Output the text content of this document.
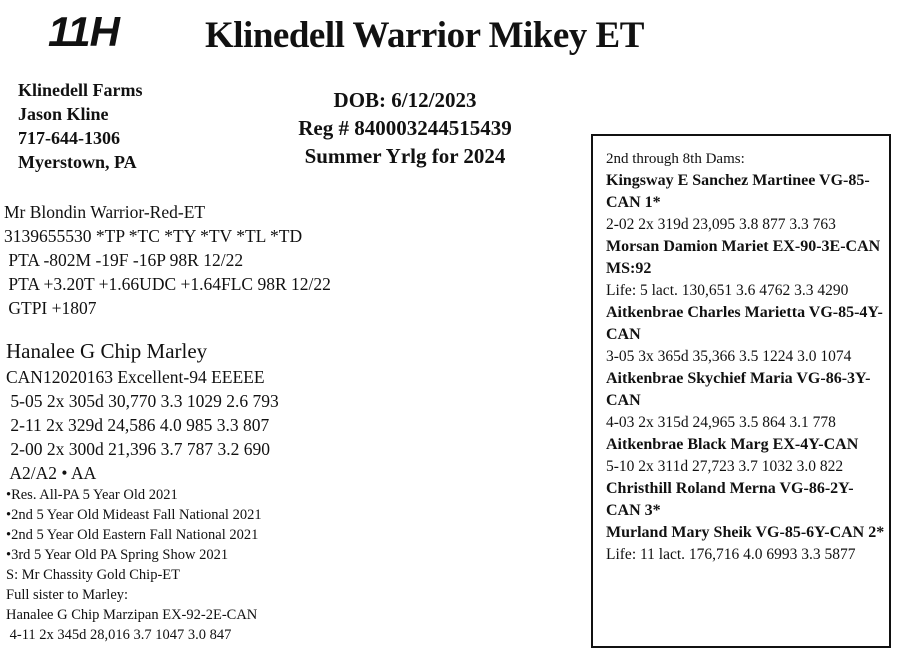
11H Klinedell Warrior Mikey ET
Klinedell Farms
Jason Kline
717-644-1306
Myerstown, PA
DOB: 6/12/2023
Reg # 840003244515439
Summer Yrlg for 2024
Mr Blondin Warrior-Red-ET
3139655530 *TP *TC *TY *TV *TL *TD
PTA -802M -19F -16P 98R 12/22
PTA +3.20T +1.66UDC +1.64FLC 98R 12/22
GTPI +1807
Hanalee G Chip Marley
CAN12020163 Excellent-94 EEEEE
5-05 2x 305d 30,770 3.3 1029 2.6 793
2-11 2x 329d 24,586 4.0 985 3.3 807
2-00 2x 300d 21,396 3.7 787 3.2 690
A2/A2 • AA
•Res. All-PA 5 Year Old 2021
•2nd 5 Year Old Mideast Fall National 2021
•2nd 5 Year Old Eastern Fall National 2021
•3rd 5 Year Old PA Spring Show 2021
S: Mr Chassity Gold Chip-ET
Full sister to Marley:
Hanalee G Chip Marzipan EX-92-2E-CAN
4-11 2x 345d 28,016 3.7 1047 3.0 847
2nd through 8th Dams:
Kingsway E Sanchez Martinee VG-85-CAN 1*
2-02 2x 319d 23,095 3.8 877 3.3 763
Morsan Damion Mariet EX-90-3E-CAN MS:92
Life: 5 lact. 130,651 3.6 4762 3.3 4290
Aitkenbrae Charles Marietta VG-85-4Y-CAN
3-05 3x 365d 35,366 3.5 1224 3.0 1074
Aitkenbrae Skychief Maria VG-86-3Y-CAN
4-03 2x 315d 24,965 3.5 864 3.1 778
Aitkenbrae Black Marg EX-4Y-CAN
5-10 2x 311d 27,723 3.7 1032 3.0 822
Christhill Roland Merna VG-86-2Y-CAN 3*
Murland Mary Sheik VG-85-6Y-CAN 2*
Life: 11 lact. 176,716 4.0 6993 3.3 5877
